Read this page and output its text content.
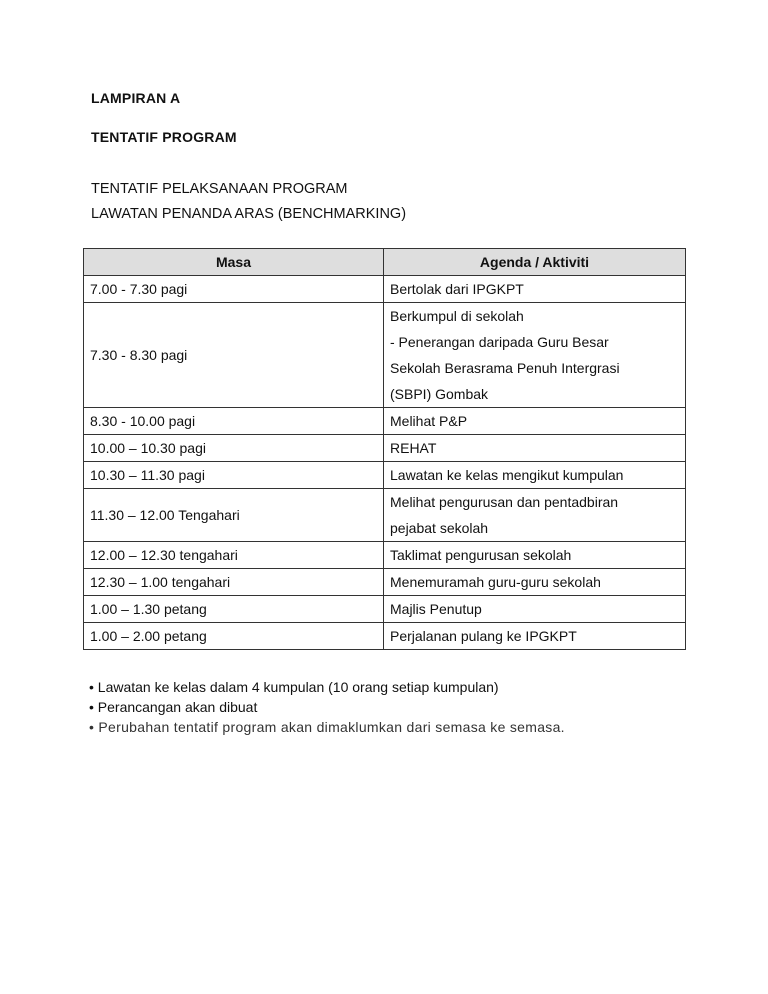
LAMPIRAN A
TENTATIF PROGRAM
TENTATIF PELAKSANAAN PROGRAM
LAWATAN PENANDA ARAS (BENCHMARKING)
Masa	Agenda / Aktiviti

7.00 - 7.30 pagi	Bertolak dari IPGKPT

7.30 - 8.30 pagi	Berkumpul di sekolah
- Penerangan daripada Guru Besar
Sekolah Berasrama Penuh Intergrasi
(SBPI) Gombak

8.30 - 10.00 pagi	Melihat P&P

10.00 – 10.30 pagi	REHAT

10.30 – 11.30 pagi	Lawatan ke kelas mengikut kumpulan

11.30 – 12.00 Tengahari	Melihat pengurusan dan pentadbiran
pejabat sekolah

12.00 – 12.30 tengahari	Taklimat pengurusan sekolah

12.30 – 1.00 tengahari	Menemuramah guru-guru sekolah

1.00 – 1.30 petang	Majlis Penutup

1.00 – 2.00 petang	Perjalanan pulang ke IPGKPT
• Lawatan ke kelas dalam 4 kumpulan (10 orang setiap kumpulan)
• Perancangan akan dibuat
• Perubahan tentatif program akan dimaklumkan dari semasa ke semasa.
